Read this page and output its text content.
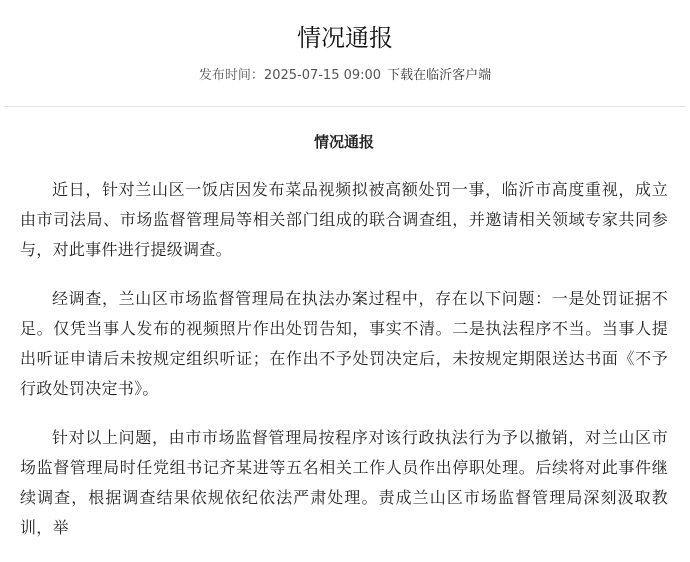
情况通报
发布时间：2025-07-15 09:00 下载在临沂客户端
情况通报

近日，针对兰山区一饭店因发布菜品视频拟被高额处罚一事，临沂市高度重视，成立由市司法局、市场监督管理局等相关部门组成的联合调查组，并邀请相关领域专家共同参与，对此事件进行提级调查。

经调查，兰山区市场监督管理局在执法办案过程中，存在以下问题：一是处罚证据不足。仅凭当事人发布的视频照片作出处罚告知，事实不清。二是执法程序不当。当事人提出听证申请后未按规定组织听证；在作出不予处罚决定后，未按规定期限送达书面《不予行政处罚决定书》。

针对以上问题，由市市场监督管理局按程序对该行政执法行为予以撤销，对兰山区市场监督管理局时任党组书记齐某进等五名相关工作人员作出停职处理。后续将对此事件继续调查，根据调查结果依规依纪依法严肃处理。责成兰山区市场监督管理局深刻汲取教训，举
